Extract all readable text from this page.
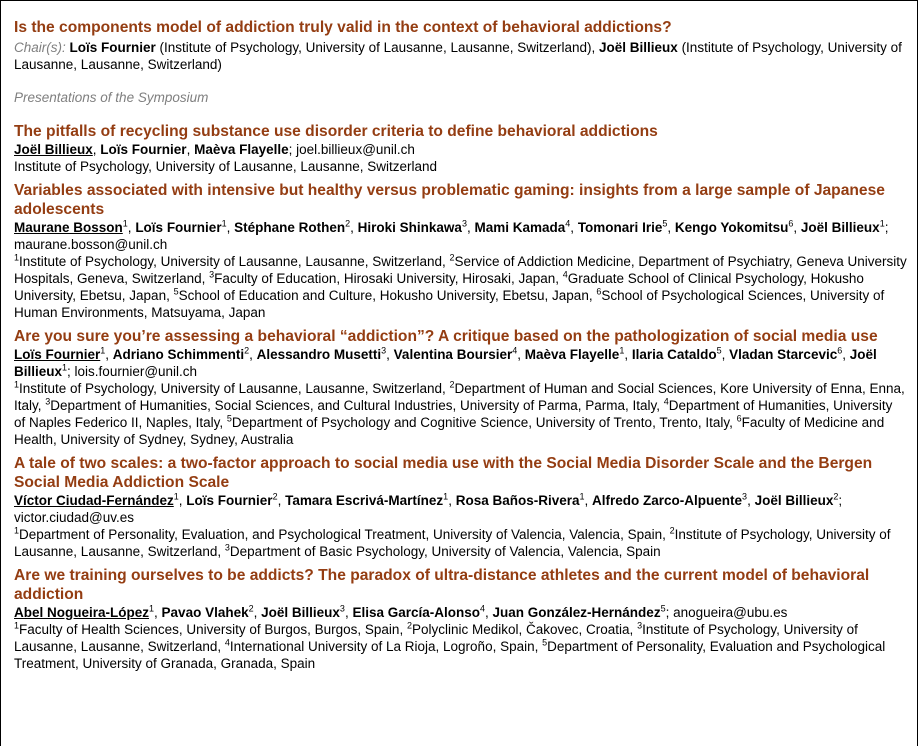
Is the components model of addiction truly valid in the context of behavioral addictions?

Chair(s): Loïs Fournier (Institute of Psychology, University of Lausanne, Lausanne, Switzerland), Joël Billieux (Institute of Psychology, University of Lausanne, Lausanne, Switzerland)

Presentations of the Symposium
The pitfalls of recycling substance use disorder criteria to define behavioral addictions

Joël Billieux, Loïs Fournier, Maèva Flayelle; joel.billieux@unil.ch

Institute of Psychology, University of Lausanne, Lausanne, Switzerland

Variables associated with intensive but healthy versus problematic gaming: insights from a large sample of Japanese adolescents

Maurane Bosson$^1$, Loïs Fournier$^1$, Stéphane Rothen$^2$, Hiroki Shinkawa$^3$, Mami Kamada$^4$, Tomonari Irie$^5$, Kengo Yokomitsu$^6$, Joël Billieux$^1$; maurane.bosson@unil.ch

$^1$Institute of Psychology, University of Lausanne, Lausanne, Switzerland, $^2$Service of Addiction Medicine, Department of Psychiatry, Geneva University Hospitals, Geneva, Switzerland, $^3$Faculty of Education, Hirosaki University, Hirosaki, Japan, $^4$Graduate School of Clinical Psychology, Hokusho University, Ebetsu, Japan, $^5$School of Education and Culture, Hokusho University, Ebetsu, Japan, $^6$School of Psychological Sciences, University of Human Environments, Matsuyama, Japan

Are you sure you’re assessing a behavioral “addiction”? A critique based on the pathologization of social media use

Loïs Fournier$^1$, Adriano Schimmenti$^2$, Alessandro Musetti$^3$, Valentina Boursier$^4$, Maèva Flayelle$^1$, Ilaria Cataldo$^5$, Vladan Starcevic$^6$, Joël Billieux$^1$; lois.fournier@unil.ch

$^1$Institute of Psychology, University of Lausanne, Lausanne, Switzerland, $^2$Department of Human and Social Sciences, Kore University of Enna, Enna, Italy, $^3$Department of Humanities, Social Sciences, and Cultural Industries, University of Parma, Parma, Italy, $^4$Department of Humanities, University of Naples Federico II, Naples, Italy, $^5$Department of Psychology and Cognitive Science, University of Trento, Trento, Italy, $^6$Faculty of Medicine and Health, University of Sydney, Sydney, Australia

A tale of two scales: a two-factor approach to social media use with the Social Media Disorder Scale and the Bergen Social Media Addiction Scale

Víctor Ciudad-Fernández$^1$, Loïs Fournier$^2$, Tamara Escrivá-Martínez$^1$, Rosa Baños-Rivera$^1$, Alfredo Zarco-Alpuente$^3$, Joël Billieux$^2$; victor.ciudad@uv.es

$^1$Department of Personality, Evaluation, and Psychological Treatment, University of Valencia, Valencia, Spain, $^2$Institute of Psychology, University of Lausanne, Lausanne, Switzerland, $^3$Department of Basic Psychology, University of Valencia, Valencia, Spain

Are we training ourselves to be addicts? The paradox of ultra-distance athletes and the current model of behavioral addiction

Abel Nogueira-López$^1$, Pavao Vlahek$^2$, Joël Billieux$^3$, Elisa García-Alonso$^4$, Juan González-Hernández$^5$; anogueira@ubu.es

$^1$Faculty of Health Sciences, University of Burgos, Burgos, Spain, $^2$Polyclinic Medikol, Čakovec, Croatia, $^3$Institute of Psychology, University of Lausanne, Lausanne, Switzerland, $^4$International University of La Rioja, Logroño, Spain, $^5$Department of Personality, Evaluation and Psychological Treatment, University of Granada, Granada, Spain
